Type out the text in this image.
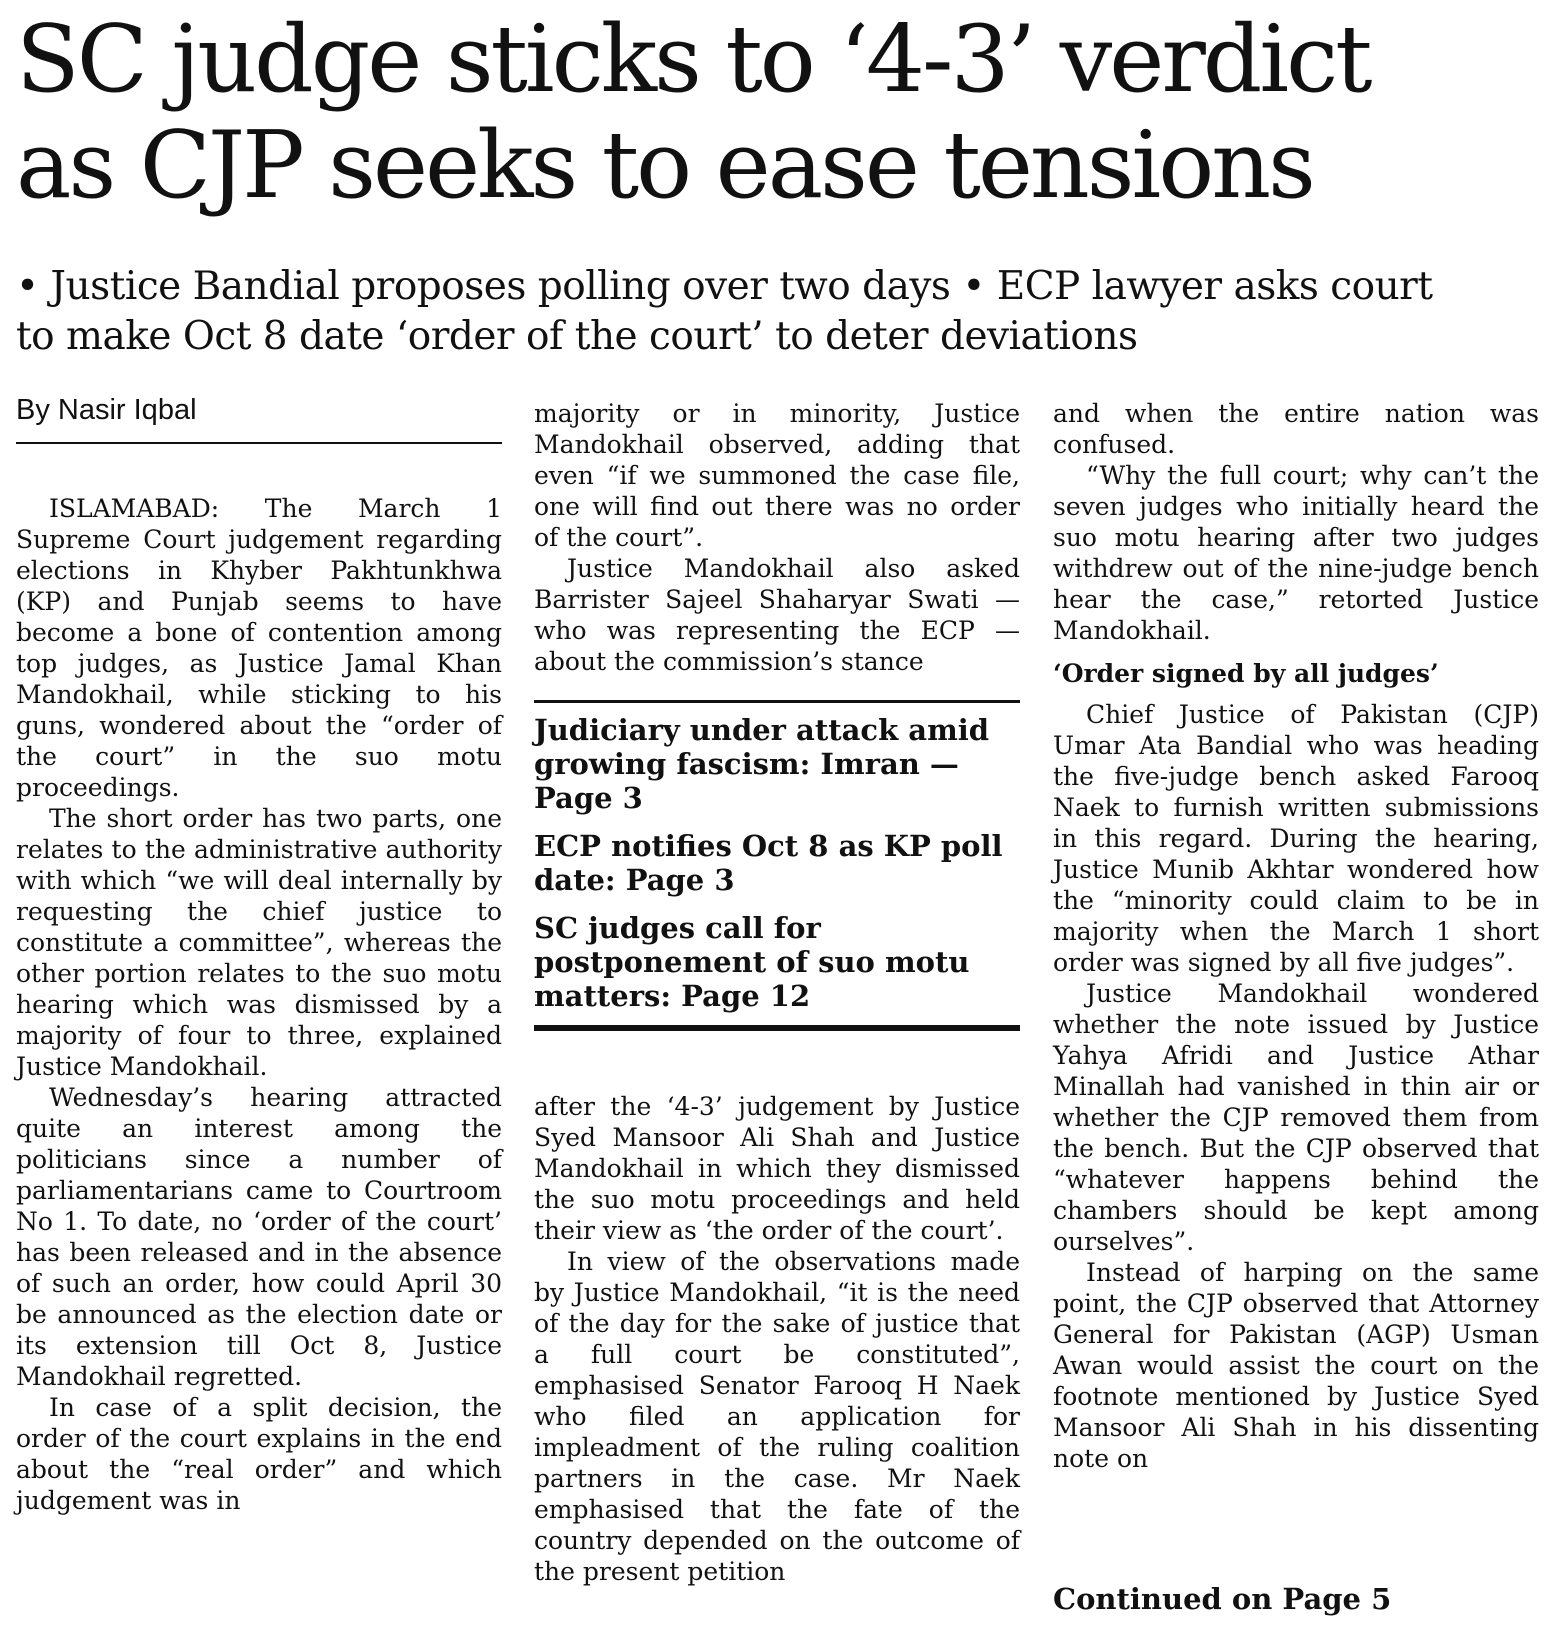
SC judge sticks to ‘4-3’ verdict
as CJP seeks to ease tensions
• Justice Bandial proposes polling over two days • ECP lawyer asks court
to make Oct 8 date ‘order of the court’ to deter deviations
By Nasir Iqbal

ISLAMABAD: The March 1 Supreme Court judgement regarding elections in Khyber Pakhtunkhwa (KP) and Punjab seems to have become a bone of contention among top judges, as Justice Jamal Khan Mandokhail, while sticking to his guns, wondered about the “order of the court” in the suo motu proceedings.

The short order has two parts, one relates to the administrative authority with which “we will deal internally by requesting the chief justice to constitute a committee”, whereas the other portion relates to the suo motu hearing which was dismissed by a majority of four to three, explained Justice Mandokhail.

Wednesday’s hearing attracted quite an interest among the politicians since a number of parliamentarians came to Courtroom No 1. To date, no ‘order of the court’ has been released and in the absence of such an order, how could April 30 be announced as the election date or its extension till Oct 8, Justice Mandokhail regretted.

In case of a split decision, the order of the court explains in the end about the “real order” and which judgement was in

majority or in minority, Justice Mandokhail observed, adding that even “if we summoned the case file, one will find out there was no order of the court”.

Justice Mandokhail also asked Barrister Sajeel Shaharyar Swati — who was representing the ECP — about the commission’s stance

Judiciary under attack amid growing fascism: Imran — Page 3

ECP notifies Oct 8 as KP poll date: Page 3

SC judges call for postponement of suo motu matters: Page 12

after the ‘4-3’ judgement by Justice Syed Mansoor Ali Shah and Justice Mandokhail in which they dismissed the suo motu proceedings and held their view as ‘the order of the court’.

In view of the observations made by Justice Mandokhail, “it is the need of the day for the sake of justice that a full court be constituted”, emphasised Senator Farooq H Naek who filed an application for impleadment of the ruling coalition partners in the case. Mr Naek emphasised that the fate of the country depended on the outcome of the present petition

and when the entire nation was confused.

“Why the full court; why can’t the seven judges who initially heard the suo motu hearing after two judges withdrew out of the nine-judge bench hear the case,” retorted Justice Mandokhail.

‘Order signed by all judges’

Chief Justice of Pakistan (CJP) Umar Ata Bandial who was heading the five-judge bench asked Farooq Naek to furnish written submissions in this regard. During the hearing, Justice Munib Akhtar wondered how the “minority could claim to be in majority when the March 1 short order was signed by all five judges”.

Justice Mandokhail wondered whether the note issued by Justice Yahya Afridi and Justice Athar Minallah had vanished in thin air or whether the CJP removed them from the bench. But the CJP observed that “whatever happens behind the chambers should be kept among ourselves”.

Instead of harping on the same point, the CJP observed that Attorney General for Pakistan (AGP) Usman Awan would assist the court on the footnote mentioned by Justice Syed Mansoor Ali Shah in his dissenting note on

Continued on Page 5
